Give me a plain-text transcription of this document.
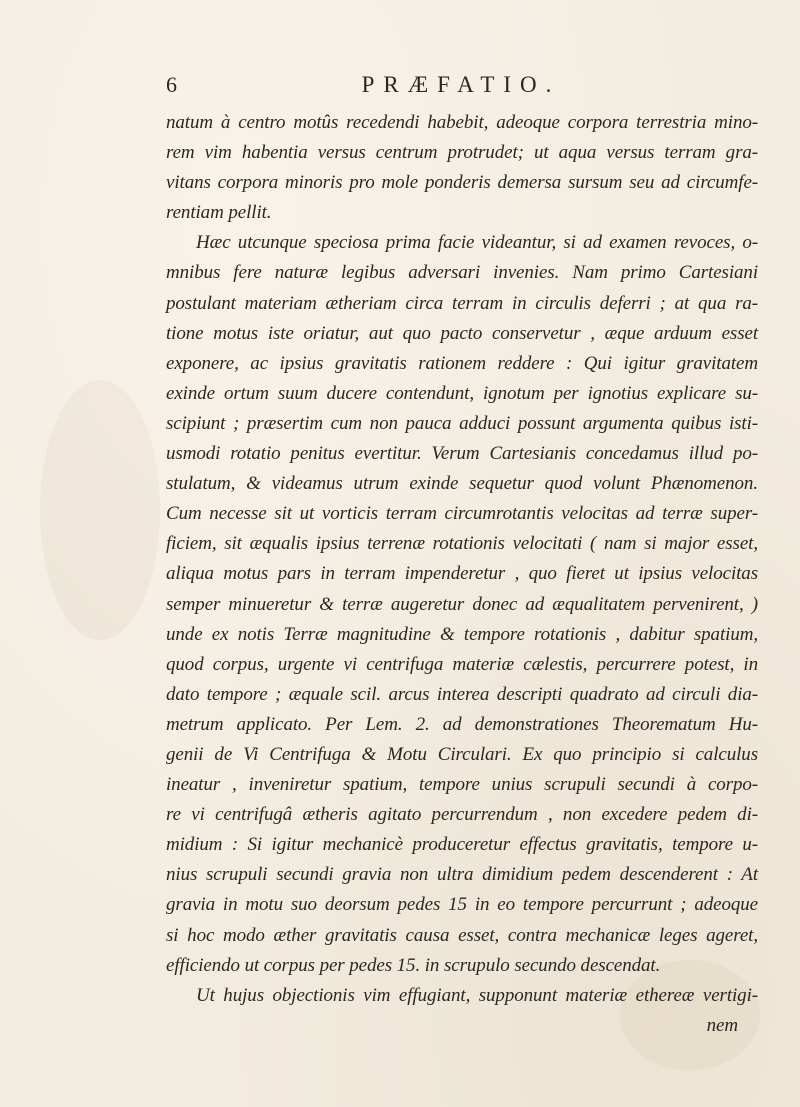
6	PRÆFATIO.
natum à centro motûs recedendi habebit, adeoque corpora terrestria mino-
rem vim habentia versus centrum protrudet; ut aqua versus terram gra-
vitans corpora minoris pro mole ponderis demersa sursum seu ad circumfe-
rentiam pellit.
Hæc utcunque speciosa prima facie videantur, si ad examen revoces, o-
mnibus fere naturæ legibus adversari invenies. Nam primo Cartesiani
postulant materiam ætheriam circa terram in circulis deferri ; at qua ra-
tione motus iste oriatur, aut quo pacto conservetur , æque arduum esset
exponere, ac ipsius gravitatis rationem reddere : Qui igitur gravitatem
exinde ortum suum ducere contendunt, ignotum per ignotius explicare su-
scipiunt ; præsertim cum non pauca adduci possunt argumenta quibus isti-
usmodi rotatio penitus evertitur. Verum Cartesianis concedamus illud po-
stulatum, & videamus utrum exinde sequetur quod volunt Phænomenon.
Cum necesse sit ut vorticis terram circumrotantis velocitas ad terræ super-
ficiem, sit æqualis ipsius terrenæ rotationis velocitati ( nam si major esset,
aliqua motus pars in terram impenderetur , quo fieret ut ipsius velocitas
semper minueretur & terræ augeretur donec ad æqualitatem pervenirent, )
unde ex notis Terræ magnitudine & tempore rotationis , dabitur spatium,
quod corpus, urgente vi centrifuga materiæ cælestis, percurrere potest, in
dato tempore ; æquale scil. arcus interea descripti quadrato ad circuli dia-
metrum applicato. Per Lem. 2. ad demonstrationes Theorematum Hu-
genii de Vi Centrifuga & Motu Circulari. Ex quo principio si calculus
ineatur , inveniretur spatium, tempore unius scrupuli secundi à corpo-
re vi centrifugâ ætheris agitato percurrendum , non excedere pedem di-
midium : Si igitur mechanicè produceretur effectus gravitatis, tempore u-
nius scrupuli secundi gravia non ultra dimidium pedem descenderent : At
gravia in motu suo deorsum pedes 15 in eo tempore percurrunt ; adeoque
si hoc modo æther gravitatis causa esset, contra mechanicæ leges ageret,
efficiendo ut corpus per pedes 15. in scrupulo secundo descendat.
Ut hujus objectionis vim effugiant, supponunt materiæ ethereæ vertigi-
nem
